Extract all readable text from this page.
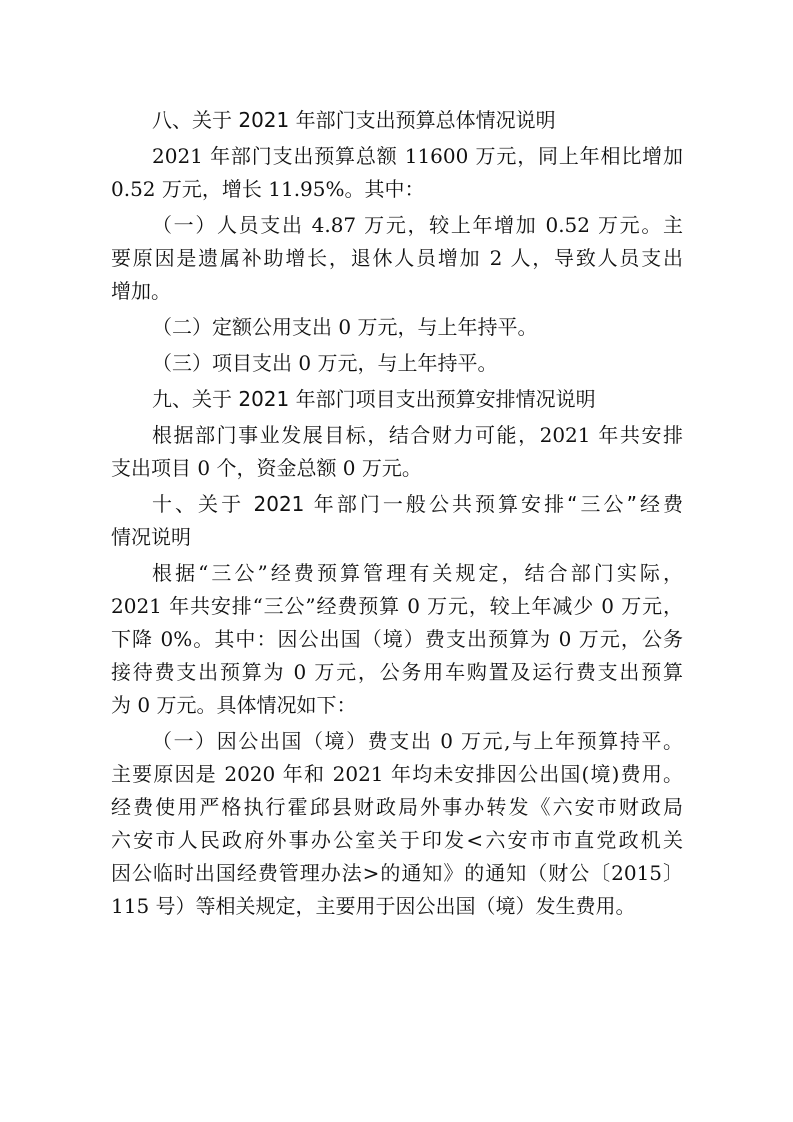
八、关于 2021 年部门支出预算总体情况说明
2021 年部门支出预算总额 11600 万元，同上年相比增加
0.52 万元，增长 11.95%。其中：
（一）人员支出 4.87 万元，较上年增加 0.52 万元。主
要原因是遗属补助增长，退休人员增加 2 人，导致人员支出
增加。
（二）定额公用支出 0 万元，与上年持平。
（三）项目支出 0 万元，与上年持平。
九、关于 2021 年部门项目支出预算安排情况说明
根据部门事业发展目标，结合财力可能，2021 年共安排
支出项目 0 个，资金总额 0 万元。
十、关于 2021 年部门一般公共预算安排“三公”经费
情况说明
根据“三公”经费预算管理有关规定，结合部门实际，
2021 年共安排“三公”经费预算 0 万元，较上年减少 0 万元，
下降 0%。其中：因公出国（境）费支出预算为 0 万元，公务
接待费支出预算为 0 万元，公务用车购置及运行费支出预算
为 0 万元。具体情况如下：
（一）因公出国（境）费支出 0 万元,与上年预算持平。
主要原因是 2020 年和 2021 年均未安排因公出国(境)费用。
经费使用严格执行霍邱县财政局外事办转发《六安市财政局
六安市人民政府外事办公室关于印发<六安市市直党政机关
因公临时出国经费管理办法>的通知》的通知（财公〔2015〕
115 号）等相关规定，主要用于因公出国（境）发生费用。
